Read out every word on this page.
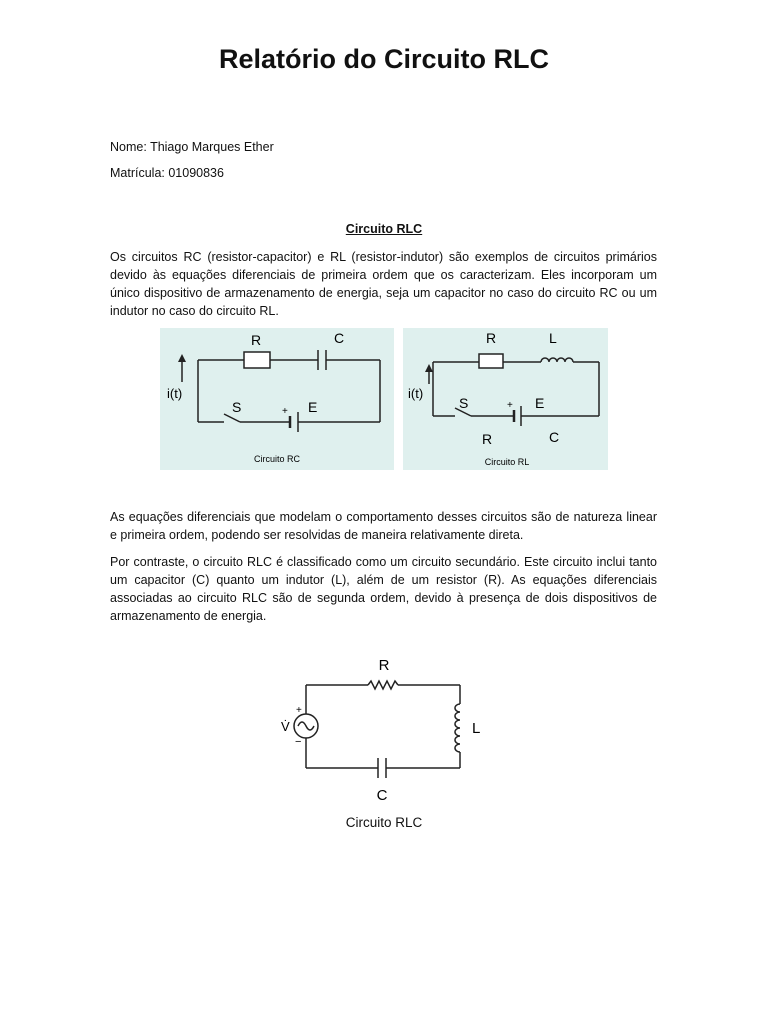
Relatório do Circuito RLC

Nome: Thiago Marques Ether

Matrícula: 01090836

Circuito RLC

Os circuitos RC (resistor-capacitor) e RL (resistor-indutor) são exemplos de circuitos primários devido às equações diferenciais de primeira ordem que os caracterizam. Eles incorporam um único dispositivo de armazenamento de energia, seja um capacitor no caso do circuito RC ou um indutor no caso do circuito RL.

R	C
i(t)
S	+ E
Circuito RC
R	L
i(t)
S	+ E
R	C
Circuito RL

As equações diferenciais que modelam o comportamento desses circuitos são de natureza linear e primeira ordem, podendo ser resolvidas de maneira relativamente direta.

Por contraste, o circuito RLC é classificado como um circuito secundário. Este circuito inclui tanto um capacitor (C) quanto um indutor (L), além de um resistor (R). As equações diferenciais associadas ao circuito RLC são de segunda ordem, devido à presença de dois dispositivos de armazenamento de energia.

R
L
C
V̇
+
−

Circuito RLC
